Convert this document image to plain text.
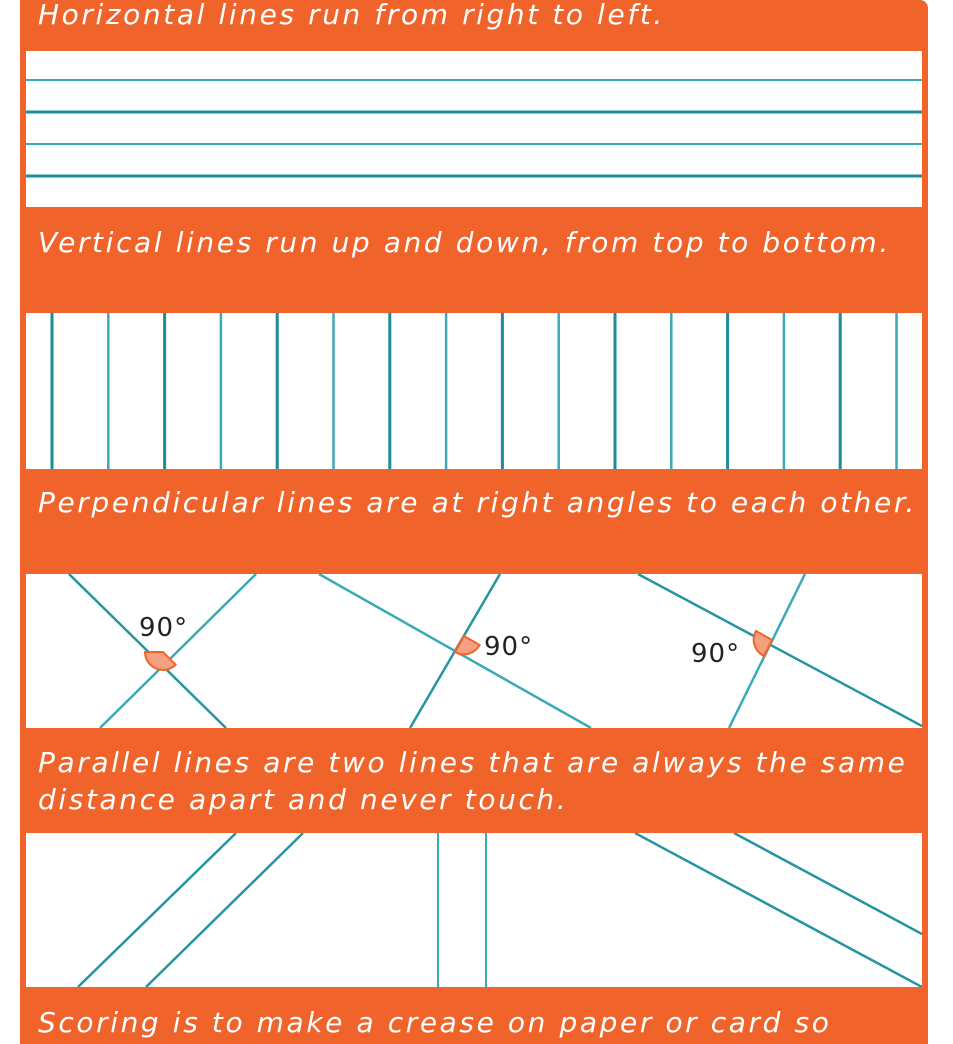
Horizontal lines run from right to left.

Vertical lines run up and down, from top to bottom.

Perpendicular lines are at right angles to each other.

90°
90°	90°

Parallel lines are two lines that are always the same distance apart and never touch.

Scoring is to make a crease on paper or card so
